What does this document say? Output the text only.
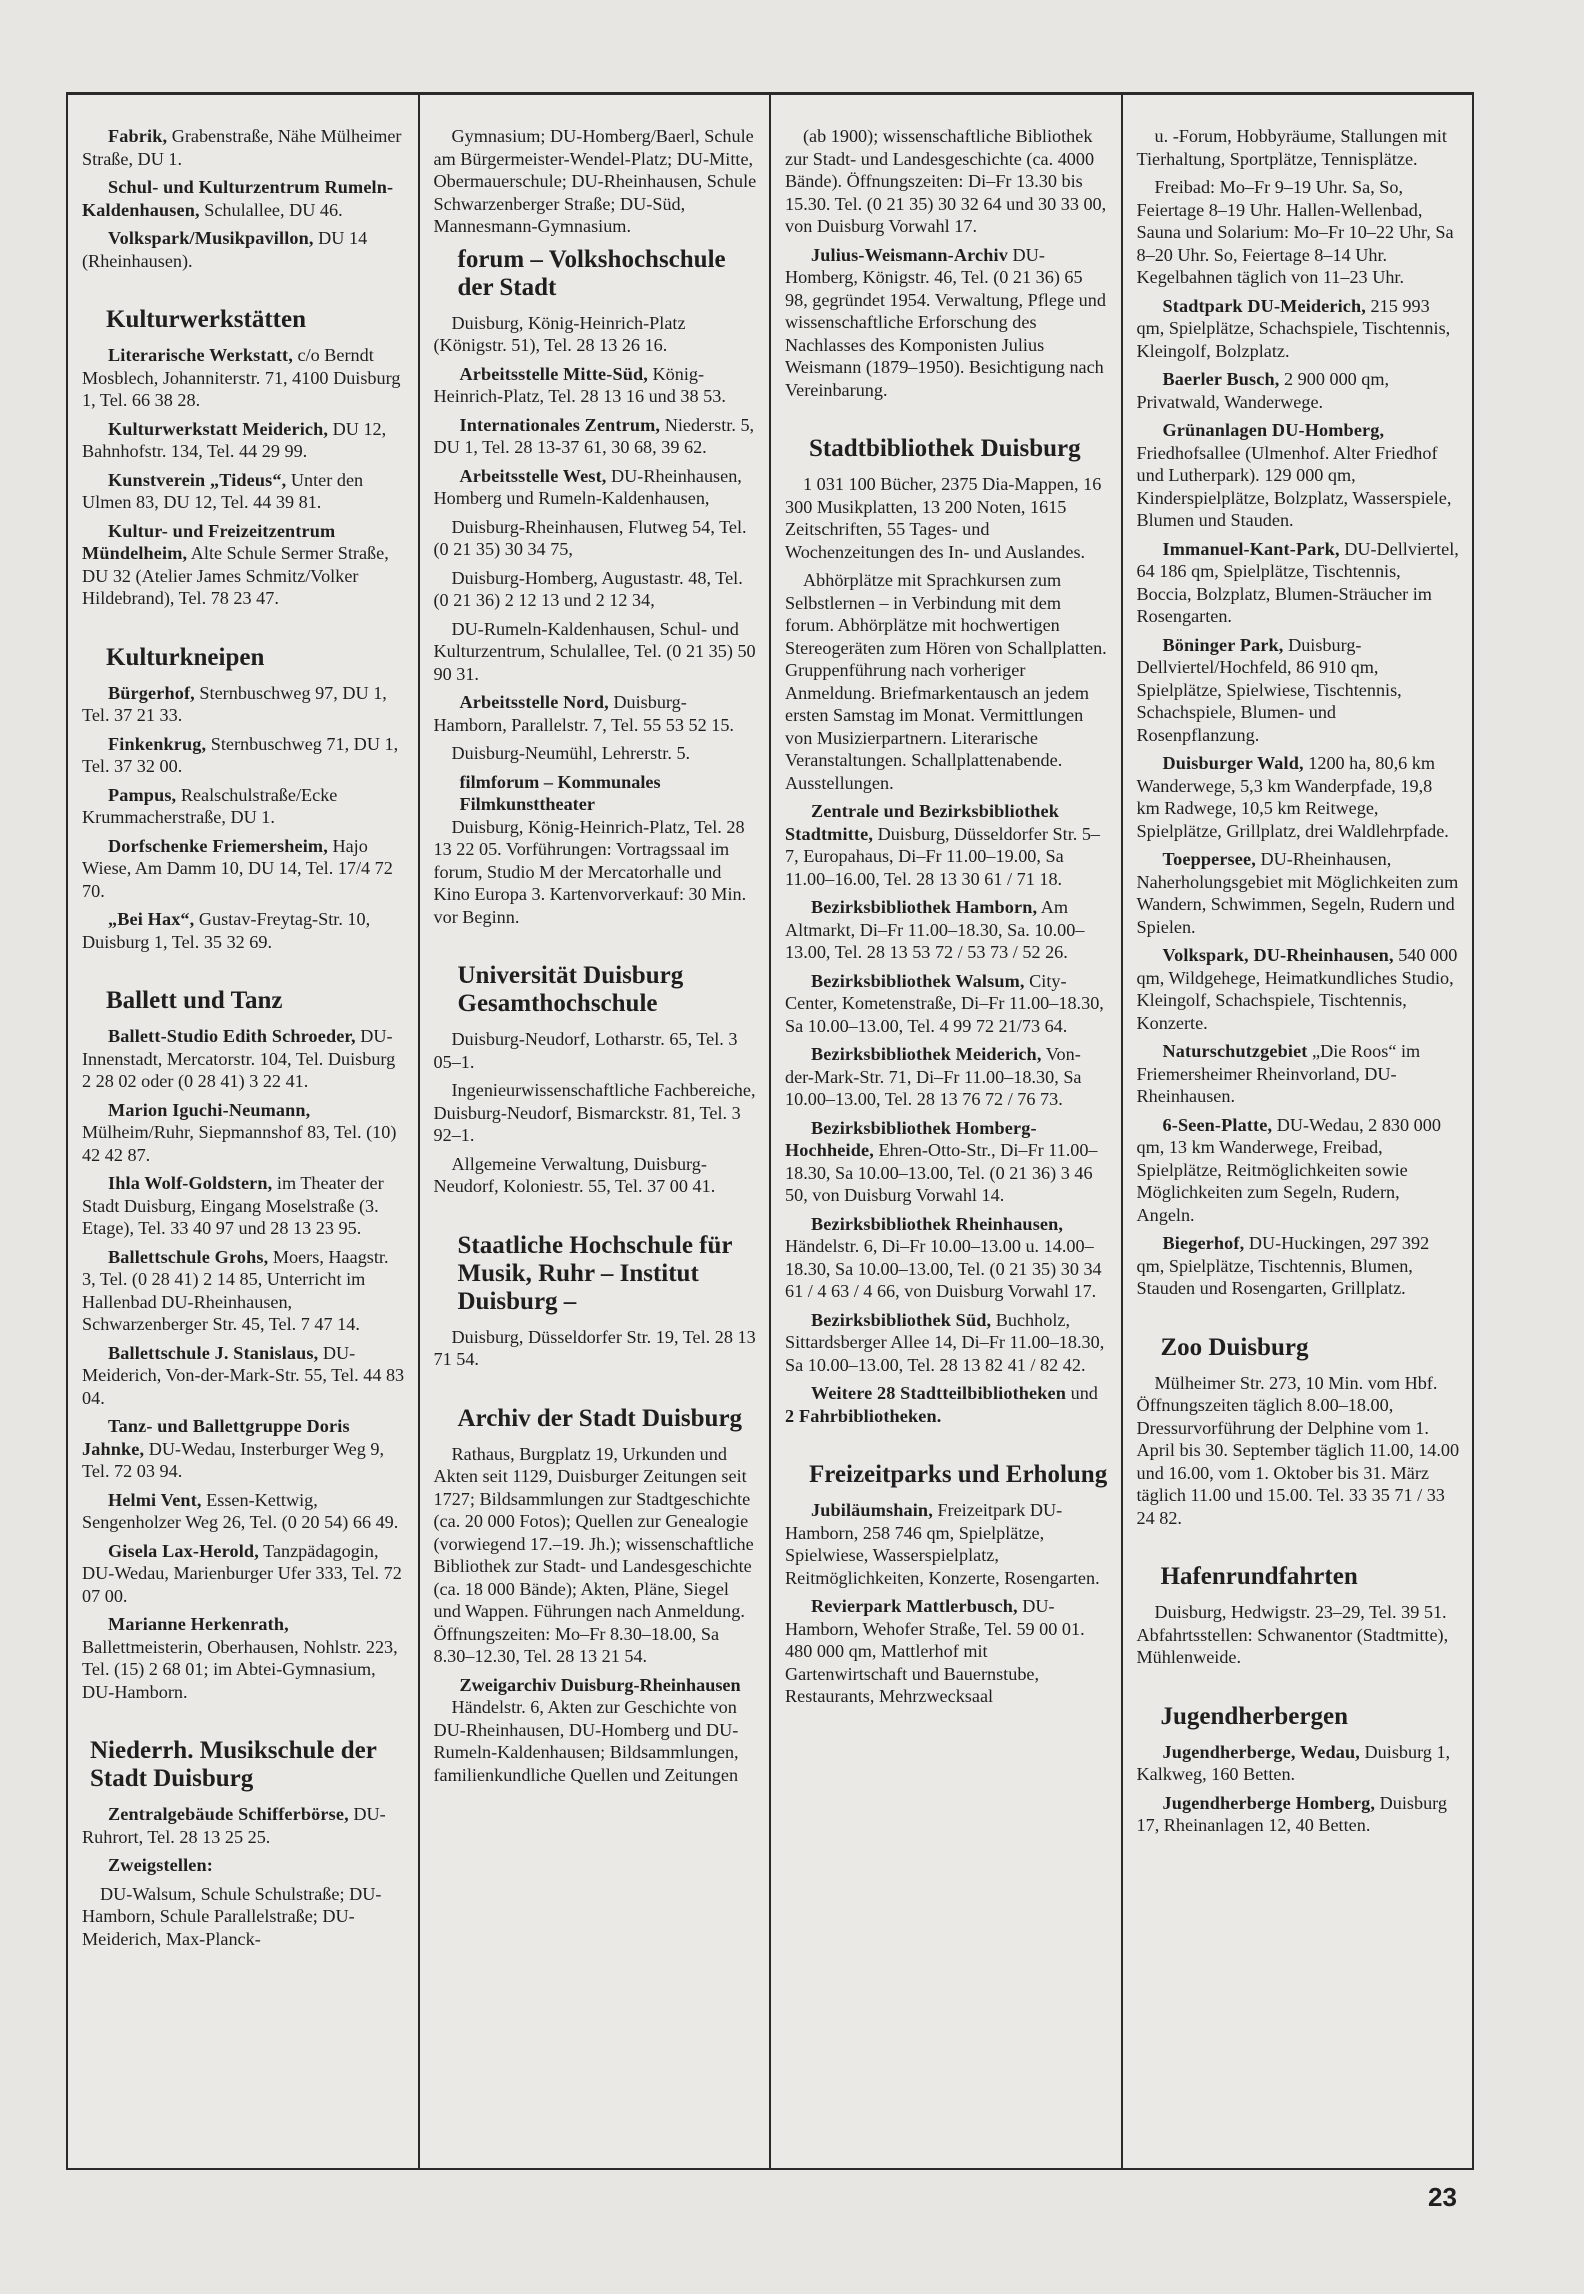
Fabrik, Grabenstraße, Nähe Mülheimer Straße, DU 1.

Schul- und Kulturzentrum Rumeln-Kaldenhausen, Schulallee, DU 46.

Volkspark/Musikpavillon, DU 14 (Rheinhausen).

Kulturwerkstätten

Literarische Werkstatt, c/o Berndt Mosblech, Johanniterstr. 71, 4100 Duisburg 1, Tel. 66 38 28.

Kulturwerkstatt Meiderich, DU 12, Bahnhofstr. 134, Tel. 44 29 99.

Kunstverein „Tideus“, Unter den Ulmen 83, DU 12, Tel. 44 39 81.

Kultur- und Freizeitzentrum Mündelheim, Alte Schule Sermer Straße, DU 32 (Atelier James Schmitz/Volker Hildebrand), Tel. 78 23 47.

Kulturkneipen

Bürgerhof, Sternbuschweg 97, DU 1, Tel. 37 21 33.

Finkenkrug, Sternbuschweg 71, DU 1, Tel. 37 32 00.

Pampus, Realschulstraße/Ecke Krummacherstraße, DU 1.

Dorfschenke Friemersheim, Hajo Wiese, Am Damm 10, DU 14, Tel. 17/4 72 70.

„Bei Hax“, Gustav-Freytag-Str. 10, Duisburg 1, Tel. 35 32 69.

Ballett und Tanz

Ballett-Studio Edith Schroeder, DU-Innenstadt, Mercatorstr. 104, Tel. Duisburg 2 28 02 oder (0 28 41) 3 22 41.

Marion Iguchi-Neumann, Mülheim/Ruhr, Siepmannshof 83, Tel. (10) 42 42 87.

Ihla Wolf-Goldstern, im Theater der Stadt Duisburg, Eingang Moselstraße (3. Etage), Tel. 33 40 97 und 28 13 23 95.

Ballettschule Grohs, Moers, Haagstr. 3, Tel. (0 28 41) 2 14 85, Unterricht im Hallenbad DU-Rheinhausen, Schwarzenberger Str. 45, Tel. 7 47 14.

Ballettschule J. Stanislaus, DU-Meiderich, Von-der-Mark-Str. 55, Tel. 44 83 04.

Tanz- und Ballettgruppe Doris Jahnke, DU-Wedau, Insterburger Weg 9, Tel. 72 03 94.

Helmi Vent, Essen-Kettwig, Sengenholzer Weg 26, Tel. (0 20 54) 66 49.

Gisela Lax-Herold, Tanzpädagogin, DU-Wedau, Marienburger Ufer 333, Tel. 72 07 00.

Marianne Herkenrath, Ballettmeisterin, Oberhausen, Nohlstr. 223, Tel. (15) 2 68 01; im Abtei-Gymnasium, DU-Hamborn.

Niederrh. Musikschule der Stadt Duisburg

Zentralgebäude Schifferbörse, DU-Ruhrort, Tel. 28 13 25 25.

Zweigstellen:

DU-Walsum, Schule Schulstraße; DU-Hamborn, Schule Parallelstraße; DU-Meiderich, Max-Planck-

Gymnasium; DU-Homberg/Baerl, Schule am Bürgermeister-Wendel-Platz; DU-Mitte, Obermauerschule; DU-Rheinhausen, Schule Schwarzenberger Straße; DU-Süd, Mannesmann-Gymnasium.

forum – Volkshochschule der Stadt

Duisburg, König-Heinrich-Platz (Königstr. 51), Tel. 28 13 26 16.

Arbeitsstelle Mitte-Süd, König-Heinrich-Platz, Tel. 28 13 16 und 38 53.

Internationales Zentrum, Niederstr. 5, DU 1, Tel. 28 13-37 61, 30 68, 39 62.

Arbeitsstelle West, DU-Rheinhausen, Homberg und Rumeln-Kaldenhausen,

Duisburg-Rheinhausen, Flutweg 54, Tel. (0 21 35) 30 34 75,

Duisburg-Homberg, Augustastr. 48, Tel. (0 21 36) 2 12 13 und 2 12 34,

DU-Rumeln-Kaldenhausen, Schul- und Kulturzentrum, Schulallee, Tel. (0 21 35) 50 90 31.

Arbeitsstelle Nord, Duisburg-Hamborn, Parallelstr. 7, Tel. 55 53 52 15.

Duisburg-Neumühl, Lehrerstr. 5.

filmforum – Kommunales Filmkunsttheater

Duisburg, König-Heinrich-Platz, Tel. 28 13 22 05. Vorführungen: Vortragssaal im forum, Studio M der Mercatorhalle und Kino Europa 3. Kartenvorverkauf: 30 Min. vor Beginn.

Universität Duisburg Gesamthochschule

Duisburg-Neudorf, Lotharstr. 65, Tel. 3 05–1.

Ingenieurwissenschaftliche Fachbereiche, Duisburg-Neudorf, Bismarckstr. 81, Tel. 3 92–1.

Allgemeine Verwaltung, Duisburg-Neudorf, Koloniestr. 55, Tel. 37 00 41.

Staatliche Hochschule für Musik, Ruhr – Institut Duisburg –

Duisburg, Düsseldorfer Str. 19, Tel. 28 13 71 54.

Archiv der Stadt Duisburg

Rathaus, Burgplatz 19, Urkunden und Akten seit 1129, Duisburger Zeitungen seit 1727; Bildsammlungen zur Stadtgeschichte (ca. 20 000 Fotos); Quellen zur Genealogie (vorwiegend 17.–19. Jh.); wissenschaftliche Bibliothek zur Stadt- und Landesgeschichte (ca. 18 000 Bände); Akten, Pläne, Siegel und Wappen. Führungen nach Anmeldung. Öffnungszeiten: Mo–Fr 8.30–18.00, Sa 8.30–12.30, Tel. 28 13 21 54.

Zweigarchiv Duisburg-Rheinhausen

Händelstr. 6, Akten zur Geschichte von DU-Rheinhausen, DU-Homberg und DU-Rumeln-Kaldenhausen; Bildsammlungen, familienkundliche Quellen und Zeitungen

(ab 1900); wissenschaftliche Bibliothek zur Stadt- und Landesgeschichte (ca. 4000 Bände). Öffnungszeiten: Di–Fr 13.30 bis 15.30. Tel. (0 21 35) 30 32 64 und 30 33 00, von Duisburg Vorwahl 17.

Julius-Weismann-Archiv DU-Homberg, Königstr. 46, Tel. (0 21 36) 65 98, gegründet 1954. Verwaltung, Pflege und wissenschaftliche Erforschung des Nachlasses des Komponisten Julius Weismann (1879–1950). Besichtigung nach Vereinbarung.

Stadtbibliothek Duisburg

1 031 100 Bücher, 2375 Dia-Mappen, 16 300 Musikplatten, 13 200 Noten, 1615 Zeitschriften, 55 Tages- und Wochenzeitungen des In- und Auslandes.

Abhörplätze mit Sprachkursen zum Selbstlernen – in Verbindung mit dem forum. Abhörplätze mit hochwertigen Stereogeräten zum Hören von Schallplatten. Gruppenführung nach vorheriger Anmeldung. Briefmarkentausch an jedem ersten Samstag im Monat. Vermittlungen von Musizierpartnern. Literarische Veranstaltungen. Schallplattenabende. Ausstellungen.

Zentrale und Bezirksbibliothek Stadtmitte, Duisburg, Düsseldorfer Str. 5–7, Europahaus, Di–Fr 11.00–19.00, Sa 11.00–16.00, Tel. 28 13 30 61 / 71 18.

Bezirksbibliothek Hamborn, Am Altmarkt, Di–Fr 11.00–18.30, Sa. 10.00–13.00, Tel. 28 13 53 72 / 53 73 / 52 26.

Bezirksbibliothek Walsum, City-Center, Kometenstraße, Di–Fr 11.00–18.30, Sa 10.00–13.00, Tel. 4 99 72 21/73 64.

Bezirksbibliothek Meiderich, Von-der-Mark-Str. 71, Di–Fr 11.00–18.30, Sa 10.00–13.00, Tel. 28 13 76 72 / 76 73.

Bezirksbibliothek Homberg-Hochheide, Ehren-Otto-Str., Di–Fr 11.00–18.30, Sa 10.00–13.00, Tel. (0 21 36) 3 46 50, von Duisburg Vorwahl 14.

Bezirksbibliothek Rheinhausen, Händelstr. 6, Di–Fr 10.00–13.00 u. 14.00–18.30, Sa 10.00–13.00, Tel. (0 21 35) 30 34 61 / 4 63 / 4 66, von Duisburg Vorwahl 17.

Bezirksbibliothek Süd, Buchholz, Sittardsberger Allee 14, Di–Fr 11.00–18.30, Sa 10.00–13.00, Tel. 28 13 82 41 / 82 42.

Weitere 28 Stadtteilbibliotheken und 2 Fahrbibliotheken.

Freizeitparks und Erholung

Jubiläumshain, Freizeitpark DU-Hamborn, 258 746 qm, Spielplätze, Spielwiese, Wasserspielplatz, Reitmöglichkeiten, Konzerte, Rosengarten.

Revierpark Mattlerbusch, DU-Hamborn, Wehofer Straße, Tel. 59 00 01. 480 000 qm, Mattlerhof mit Gartenwirtschaft und Bauernstube, Restaurants, Mehrzwecksaal

u. -Forum, Hobbyräume, Stallungen mit Tierhaltung, Sportplätze, Tennisplätze.

Freibad: Mo–Fr 9–19 Uhr. Sa, So, Feiertage 8–19 Uhr. Hallen-Wellenbad, Sauna und Solarium: Mo–Fr 10–22 Uhr, Sa 8–20 Uhr. So, Feiertage 8–14 Uhr. Kegelbahnen täglich von 11–23 Uhr.

Stadtpark DU-Meiderich, 215 993 qm, Spielplätze, Schachspiele, Tischtennis, Kleingolf, Bolzplatz.

Baerler Busch, 2 900 000 qm, Privatwald, Wanderwege.

Grünanlagen DU-Homberg, Friedhofsallee (Ulmenhof. Alter Friedhof und Lutherpark). 129 000 qm, Kinderspielplätze, Bolzplatz, Wasserspiele, Blumen und Stauden.

Immanuel-Kant-Park, DU-Dellviertel, 64 186 qm, Spielplätze, Tischtennis, Boccia, Bolzplatz, Blumen-Sträucher im Rosengarten.

Böninger Park, Duisburg-Dellviertel/Hochfeld, 86 910 qm, Spielplätze, Spielwiese, Tischtennis, Schachspiele, Blumen- und Rosenpflanzung.

Duisburger Wald, 1200 ha, 80,6 km Wanderwege, 5,3 km Wanderpfade, 19,8 km Radwege, 10,5 km Reitwege, Spielplätze, Grillplatz, drei Waldlehrpfade.

Toeppersee, DU-Rheinhausen, Naherholungsgebiet mit Möglichkeiten zum Wandern, Schwimmen, Segeln, Rudern und Spielen.

Volkspark, DU-Rheinhausen, 540 000 qm, Wildgehege, Heimatkundliches Studio, Kleingolf, Schachspiele, Tischtennis, Konzerte.

Naturschutzgebiet „Die Roos“ im Friemersheimer Rheinvorland, DU-Rheinhausen.

6-Seen-Platte, DU-Wedau, 2 830 000 qm, 13 km Wanderwege, Freibad, Spielplätze, Reitmöglichkeiten sowie Möglichkeiten zum Segeln, Rudern, Angeln.

Biegerhof, DU-Huckingen, 297 392 qm, Spielplätze, Tischtennis, Blumen, Stauden und Rosengarten, Grillplatz.

Zoo Duisburg

Mülheimer Str. 273, 10 Min. vom Hbf. Öffnungszeiten täglich 8.00–18.00, Dressurvorführung der Delphine vom 1. April bis 30. September täglich 11.00, 14.00 und 16.00, vom 1. Oktober bis 31. März täglich 11.00 und 15.00. Tel. 33 35 71 / 33 24 82.

Hafenrundfahrten

Duisburg, Hedwigstr. 23–29, Tel. 39 51. Abfahrtsstellen: Schwanentor (Stadtmitte), Mühlenweide.

Jugendherbergen

Jugendherberge, Wedau, Duisburg 1, Kalkweg, 160 Betten.

Jugendherberge Homberg, Duisburg 17, Rheinanlagen 12, 40 Betten.

23
